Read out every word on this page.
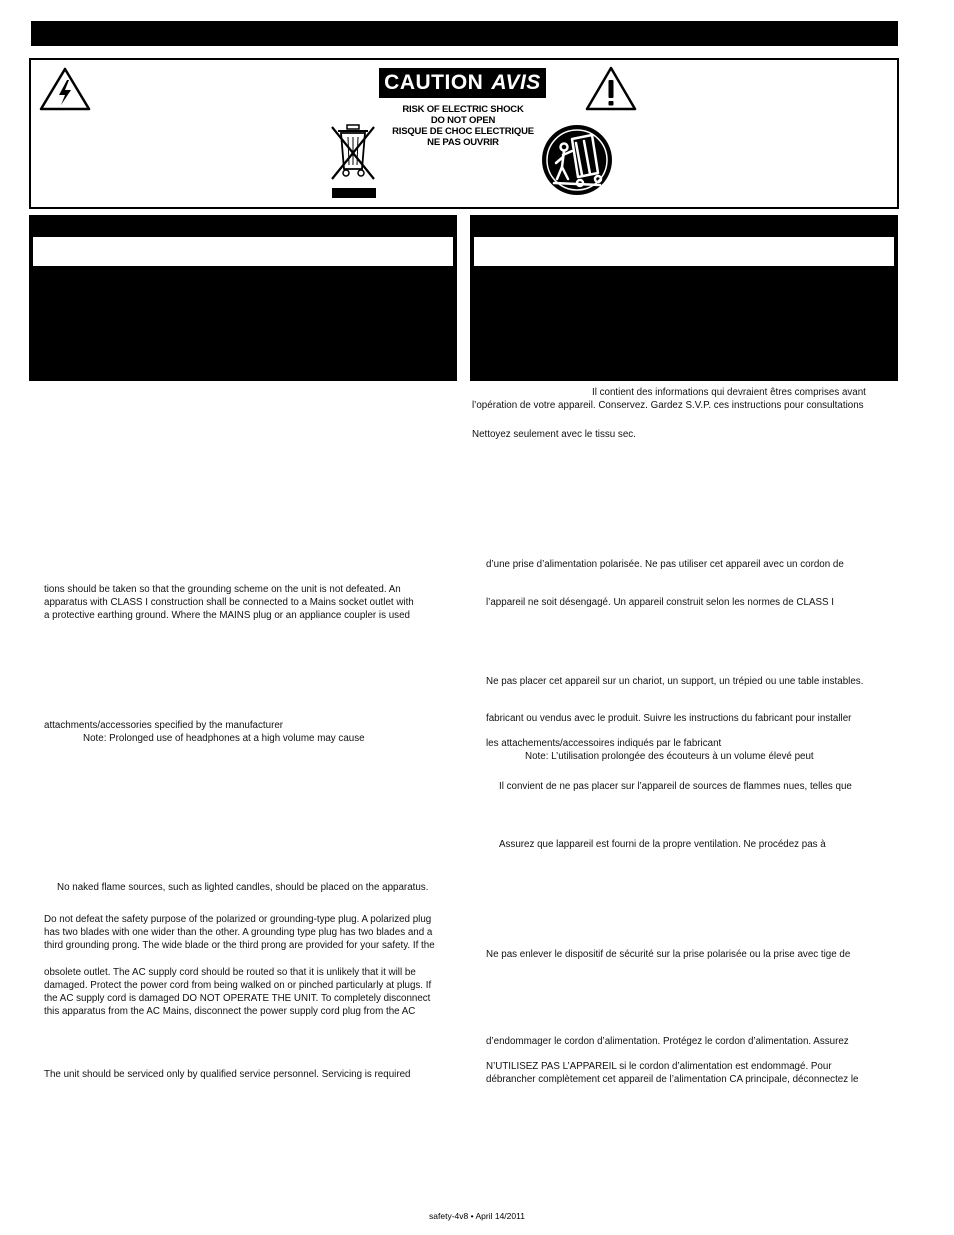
CAUTION AVIS
RISK OF ELECTRIC SHOCK
DO NOT OPEN
RISQUE DE CHOC ELECTRIQUE
NE PAS OUVRIR
tions should be taken so that the grounding scheme on the unit is not defeated. An
apparatus with CLASS I construction shall be connected to a Mains socket outlet with
a protective earthing ground. Where the MAINS plug or an appliance coupler is used
attachments/accessories specified by the manufacturer
Note: Prolonged use of headphones at a high volume may cause
No naked flame sources, such as lighted candles, should be placed on the apparatus.
Do not defeat the safety purpose of the polarized or grounding-type plug. A polarized plug
has two blades with one wider than the other. A grounding type plug has two blades and a
third grounding prong. The wide blade or the third prong are provided for your safety. If the
obsolete outlet. The AC supply cord should be routed so that it is unlikely that it will be
damaged. Protect the power cord from being walked on or pinched particularly at plugs. If
the AC supply cord is damaged DO NOT OPERATE THE UNIT. To completely disconnect
this apparatus from the AC Mains, disconnect the power supply cord plug from the AC
The unit should be serviced only by qualified service personnel. Servicing is required
Il contient des informations qui devraient êtres comprises avant
l’opération de votre appareil. Conservez. Gardez S.V.P. ces instructions pour consultations
Nettoyez seulement avec le tissu sec.
d’une prise d’alimentation polarisée. Ne pas utiliser cet appareil avec un cordon de
l’appareil ne soit désengagé. Un appareil construit selon les normes de CLASS I
Ne pas placer cet appareil sur un chariot, un support, un trépied ou une table instables.
fabricant ou vendus avec le produit. Suivre les instructions du fabricant pour installer
les attachements/accessoires indiqués par le fabricant
Note: L’utilisation prolongée des écouteurs à un volume élevé peut
Il convient de ne pas placer sur l’appareil de sources de flammes nues, telles que
Assurez que lappareil est fourni de la propre ventilation. Ne procédez pas à
Ne pas enlever le dispositif de sécurité sur la prise polarisée ou la prise avec tige de
d’endommager le cordon d’alimentation. Protégez le cordon d’alimentation. Assurez
N’UTILISEZ PAS L’APPAREIL si le cordon d’alimentation est endommagé. Pour
débrancher complètement cet appareil de l’alimentation CA principale, déconnectez le
safety-4v8 • April 14/2011
